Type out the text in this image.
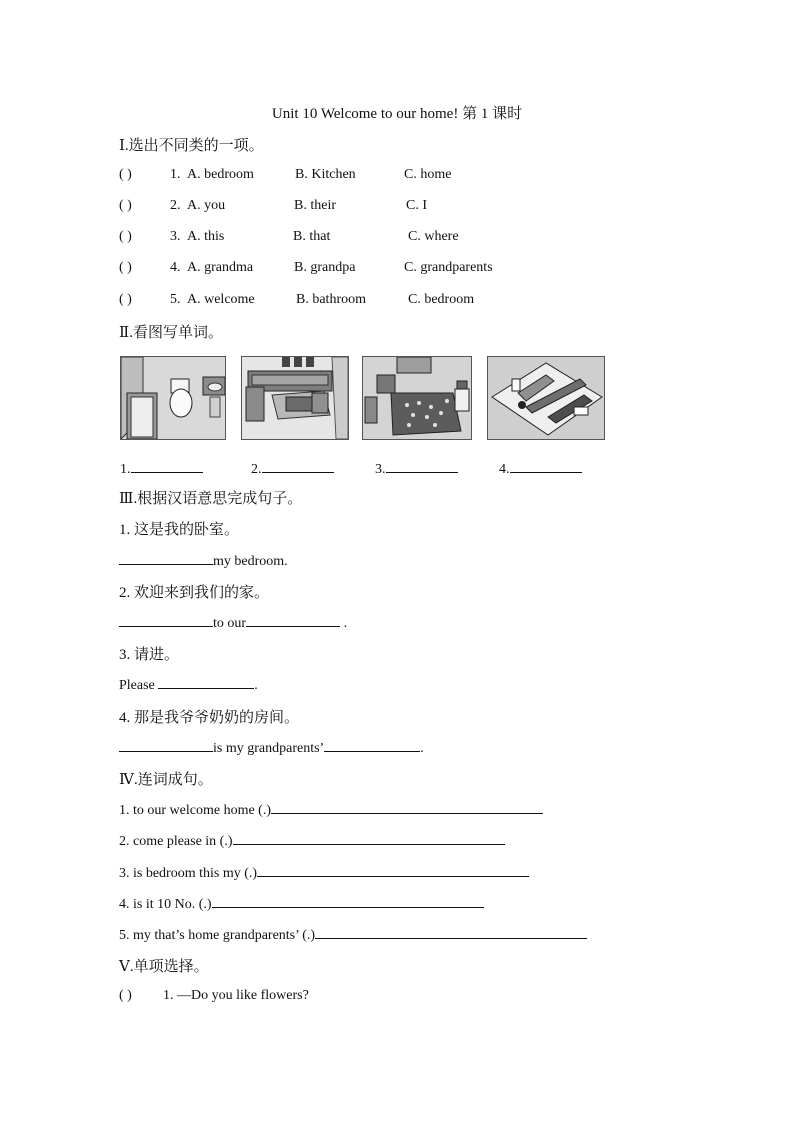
Unit 10 Welcome to our home! 第 1 课时
Ⅰ.选出不同类的一项。
( )	1. A. bedroom	B. Kitchen	C. home
( )	2. A. you	B. their	C. I
( )	3. A. this	B. that	C. where
( )	4. A. grandma	B. grandpa	C. grandparents
( )	5. A. welcome	B. bathroom	C. bedroom
Ⅱ.看图写单词。
1.	2.	3.	4.
Ⅲ.根据汉语意思完成句子。
1. 这是我的卧室。
my bedroom.
2. 欢迎来到我们的家。
to our	.
3. 请进。
Please	.
4. 那是我爷爷奶奶的房间。
is my grandparents’	.
Ⅳ.连词成句。
1. to our welcome home (.)
2. come please in (.)
3. is bedroom this my (.)
4. is it 10 No. (.)
5. my that’s home grandparents’ (.)
Ⅴ.单项选择。
( ) 1. —Do you like flowers?
